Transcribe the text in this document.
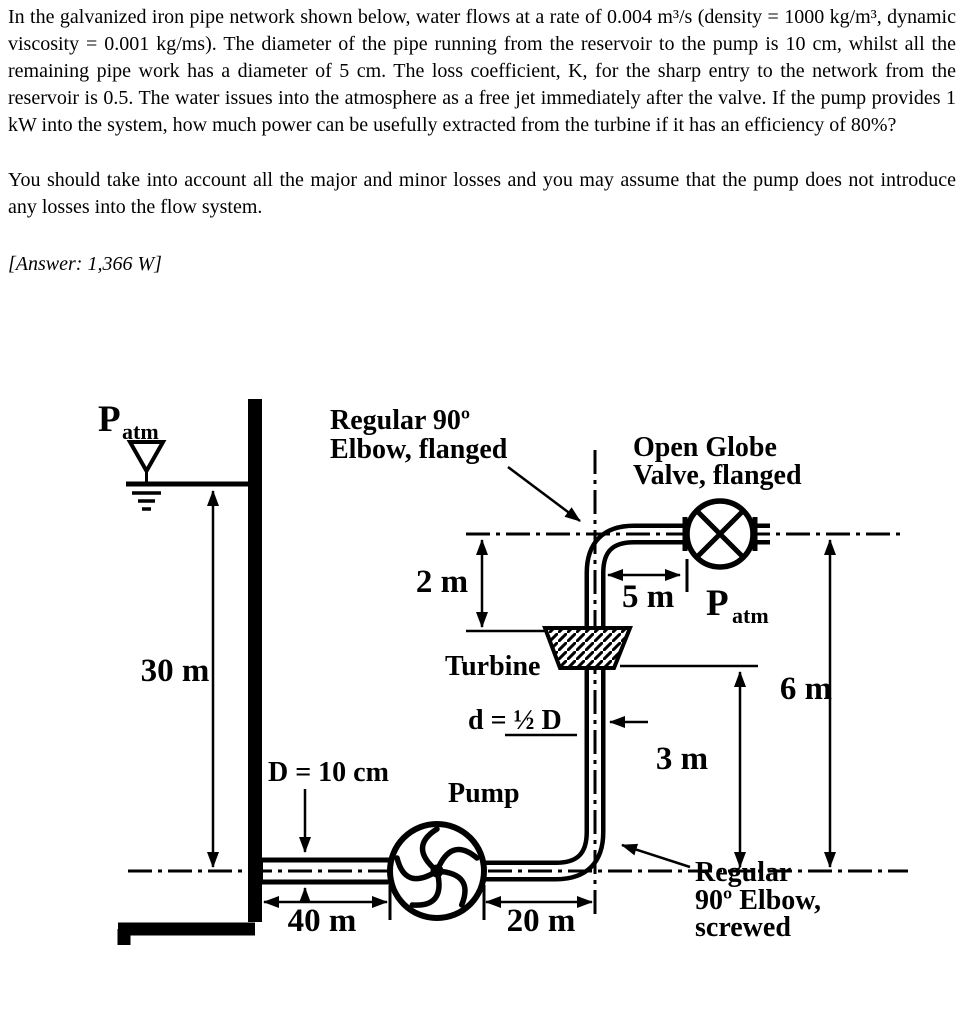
In the galvanized iron pipe network shown below, water flows at a rate of 0.004 m³/s (density = 1000 kg/m³, dynamic viscosity = 0.001 kg/ms). The diameter of the pipe running from the reservoir to the pump is 10 cm, whilst all the remaining pipe work has a diameter of 5 cm. The loss coefficient, K, for the sharp entry to the network from the reservoir is 0.5. The water issues into the atmosphere as a free jet immediately after the valve. If the pump provides 1 kW into the system, how much power can be usefully extracted from the turbine if it has an efficiency of 80%?

You should take into account all the major and minor losses and you may assume that the pump does not introduce any losses into the flow system.

[Answer: 1,366 W]

P atm	Regular 90º
Elbow, flanged	Open Globe
Valve, flanged
2 m	5 m P atm
30 m	Turbine
d = ½ D
6 m
3 m
D = 10 cm
Pump
40 m	20 m
Regular
90º Elbow,
screwed
